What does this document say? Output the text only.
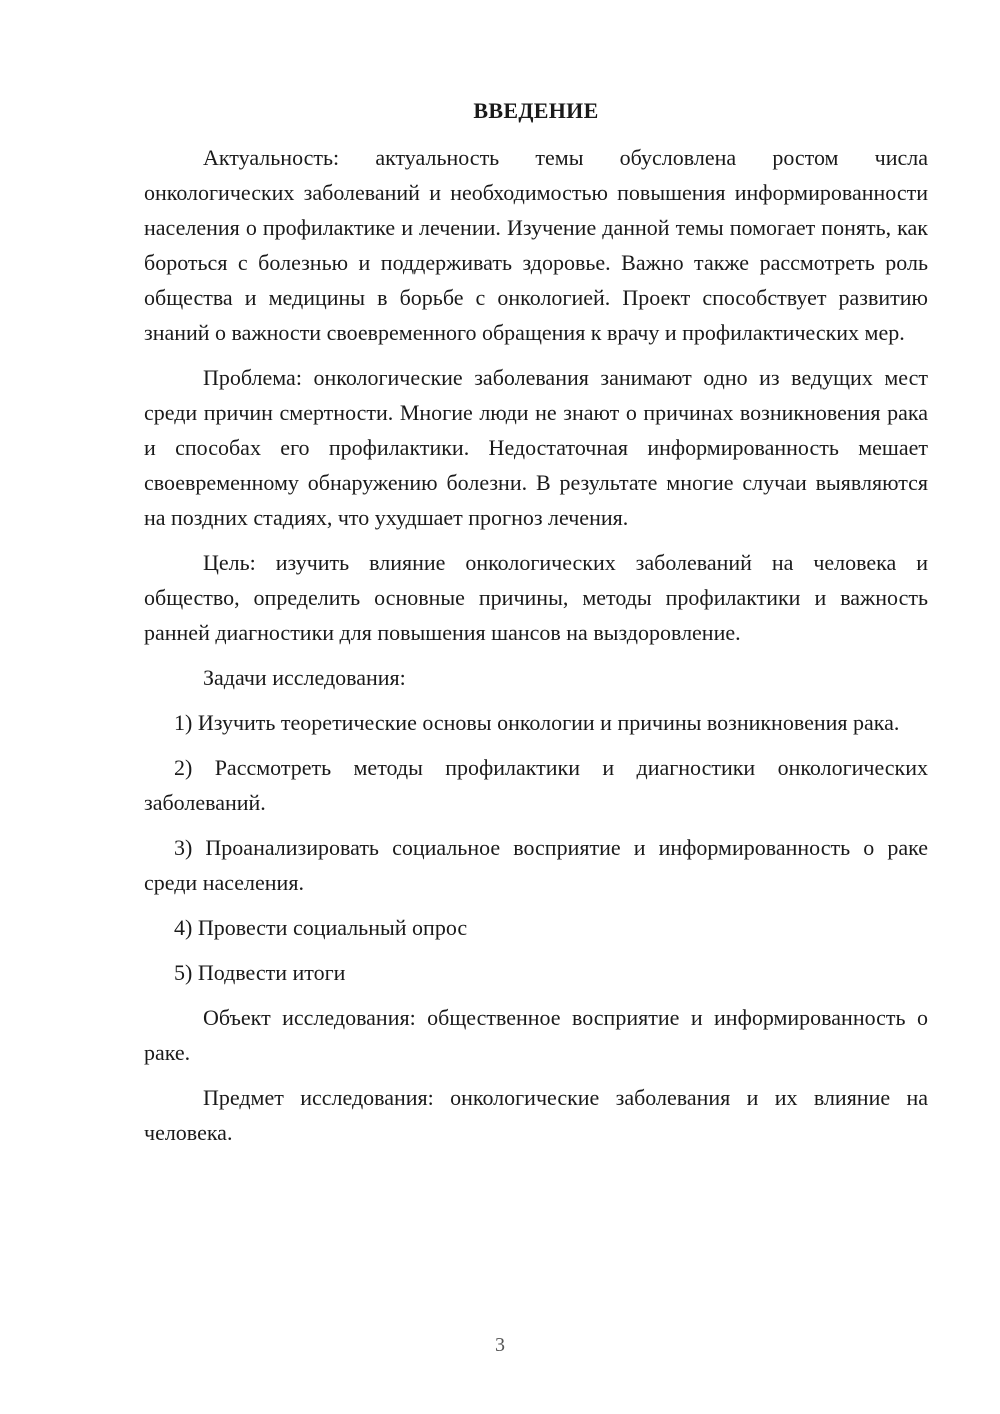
ВВЕДЕНИЕ

Актуальность: актуальность темы обусловлена ростом числа онкологических заболеваний и необходимостью повышения информированности населения о профилактике и лечении. Изучение данной темы помогает понять, как бороться с болезнью и поддерживать здоровье. Важно также рассмотреть роль общества и медицины в борьбе с онкологией. Проект способствует развитию знаний о важности своевременного обращения к врачу и профилактических мер.

Проблема: онкологические заболевания занимают одно из ведущих мест среди причин смертности. Многие люди не знают о причинах возникновения рака и способах его профилактики. Недостаточная информированность мешает своевременному обнаружению болезни. В результате многие случаи выявляются на поздних стадиях, что ухудшает прогноз лечения.

Цель: изучить влияние онкологических заболеваний на человека и общество, определить основные причины, методы профилактики и важность ранней диагностики для повышения шансов на выздоровление.

Задачи исследования:

1) Изучить теоретические основы онкологии и причины возникновения рака.

2) Рассмотреть методы профилактики и диагностики онкологических заболеваний.

3) Проанализировать социальное восприятие и информированность о раке среди населения.

4) Провести социальный опрос

5) Подвести итоги

Объект исследования: общественное восприятие и информированность о раке.

Предмет исследования: онкологические заболевания и их влияние на человека.

3
